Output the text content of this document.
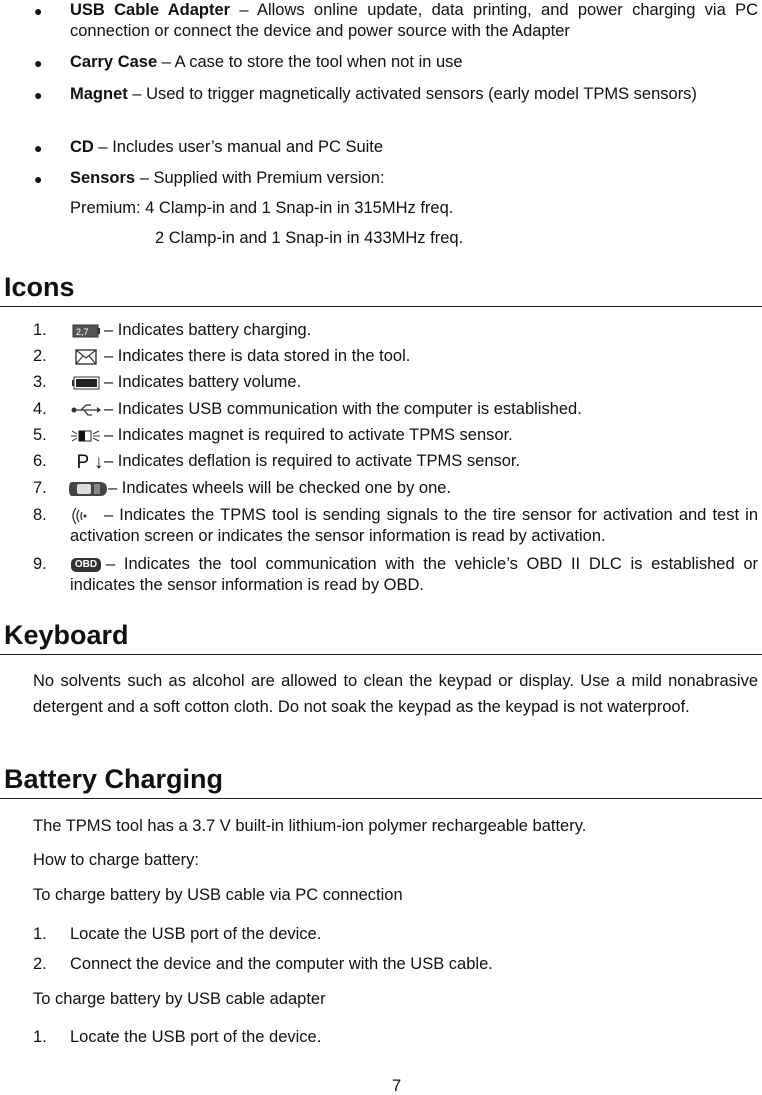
● USB Cable Adapter – Allows online update, data printing, and power charging via PC connection or connect the device and power source with the Adapter
● Carry Case – A case to store the tool when not in use
● Magnet – Used to trigger magnetically activated sensors (early model TPMS sensors)
● CD – Includes user’s manual and PC Suite
● Sensors – Supplied with Premium version:
Premium: 4 Clamp-in and 1 Snap-in in 315MHz freq.
2 Clamp-in and 1 Snap-in in 433MHz freq.
Icons
1.	2,7 – Indicates battery charging.
2.	– Indicates there is data stored in the tool.
3.	– Indicates battery volume.
4.	– Indicates USB communication with the computer is established.
5.	– Indicates magnet is required to activate TPMS sensor.
6. P ↓ – Indicates deflation is required to activate TPMS sensor.
7.	– Indicates wheels will be checked one by one.
8.	– Indicates the TPMS tool is sending signals to the tire sensor for activation and test in activation screen or indicates the sensor information is read by activation.
9.	OBD – Indicates the tool communication with the vehicle’s OBD II DLC is established or indicates the sensor information is read by OBD.
Keyboard
No solvents such as alcohol are allowed to clean the keypad or display. Use a mild nonabrasive detergent and a soft cotton cloth. Do not soak the keypad as the keypad is not waterproof.
Battery Charging
The TPMS tool has a 3.7 V built-in lithium-ion polymer rechargeable battery.
How to charge battery:
To charge battery by USB cable via PC connection
1. Locate the USB port of the device.
2. Connect the device and the computer with the USB cable.
To charge battery by USB cable adapter
1. Locate the USB port of the device.
7
